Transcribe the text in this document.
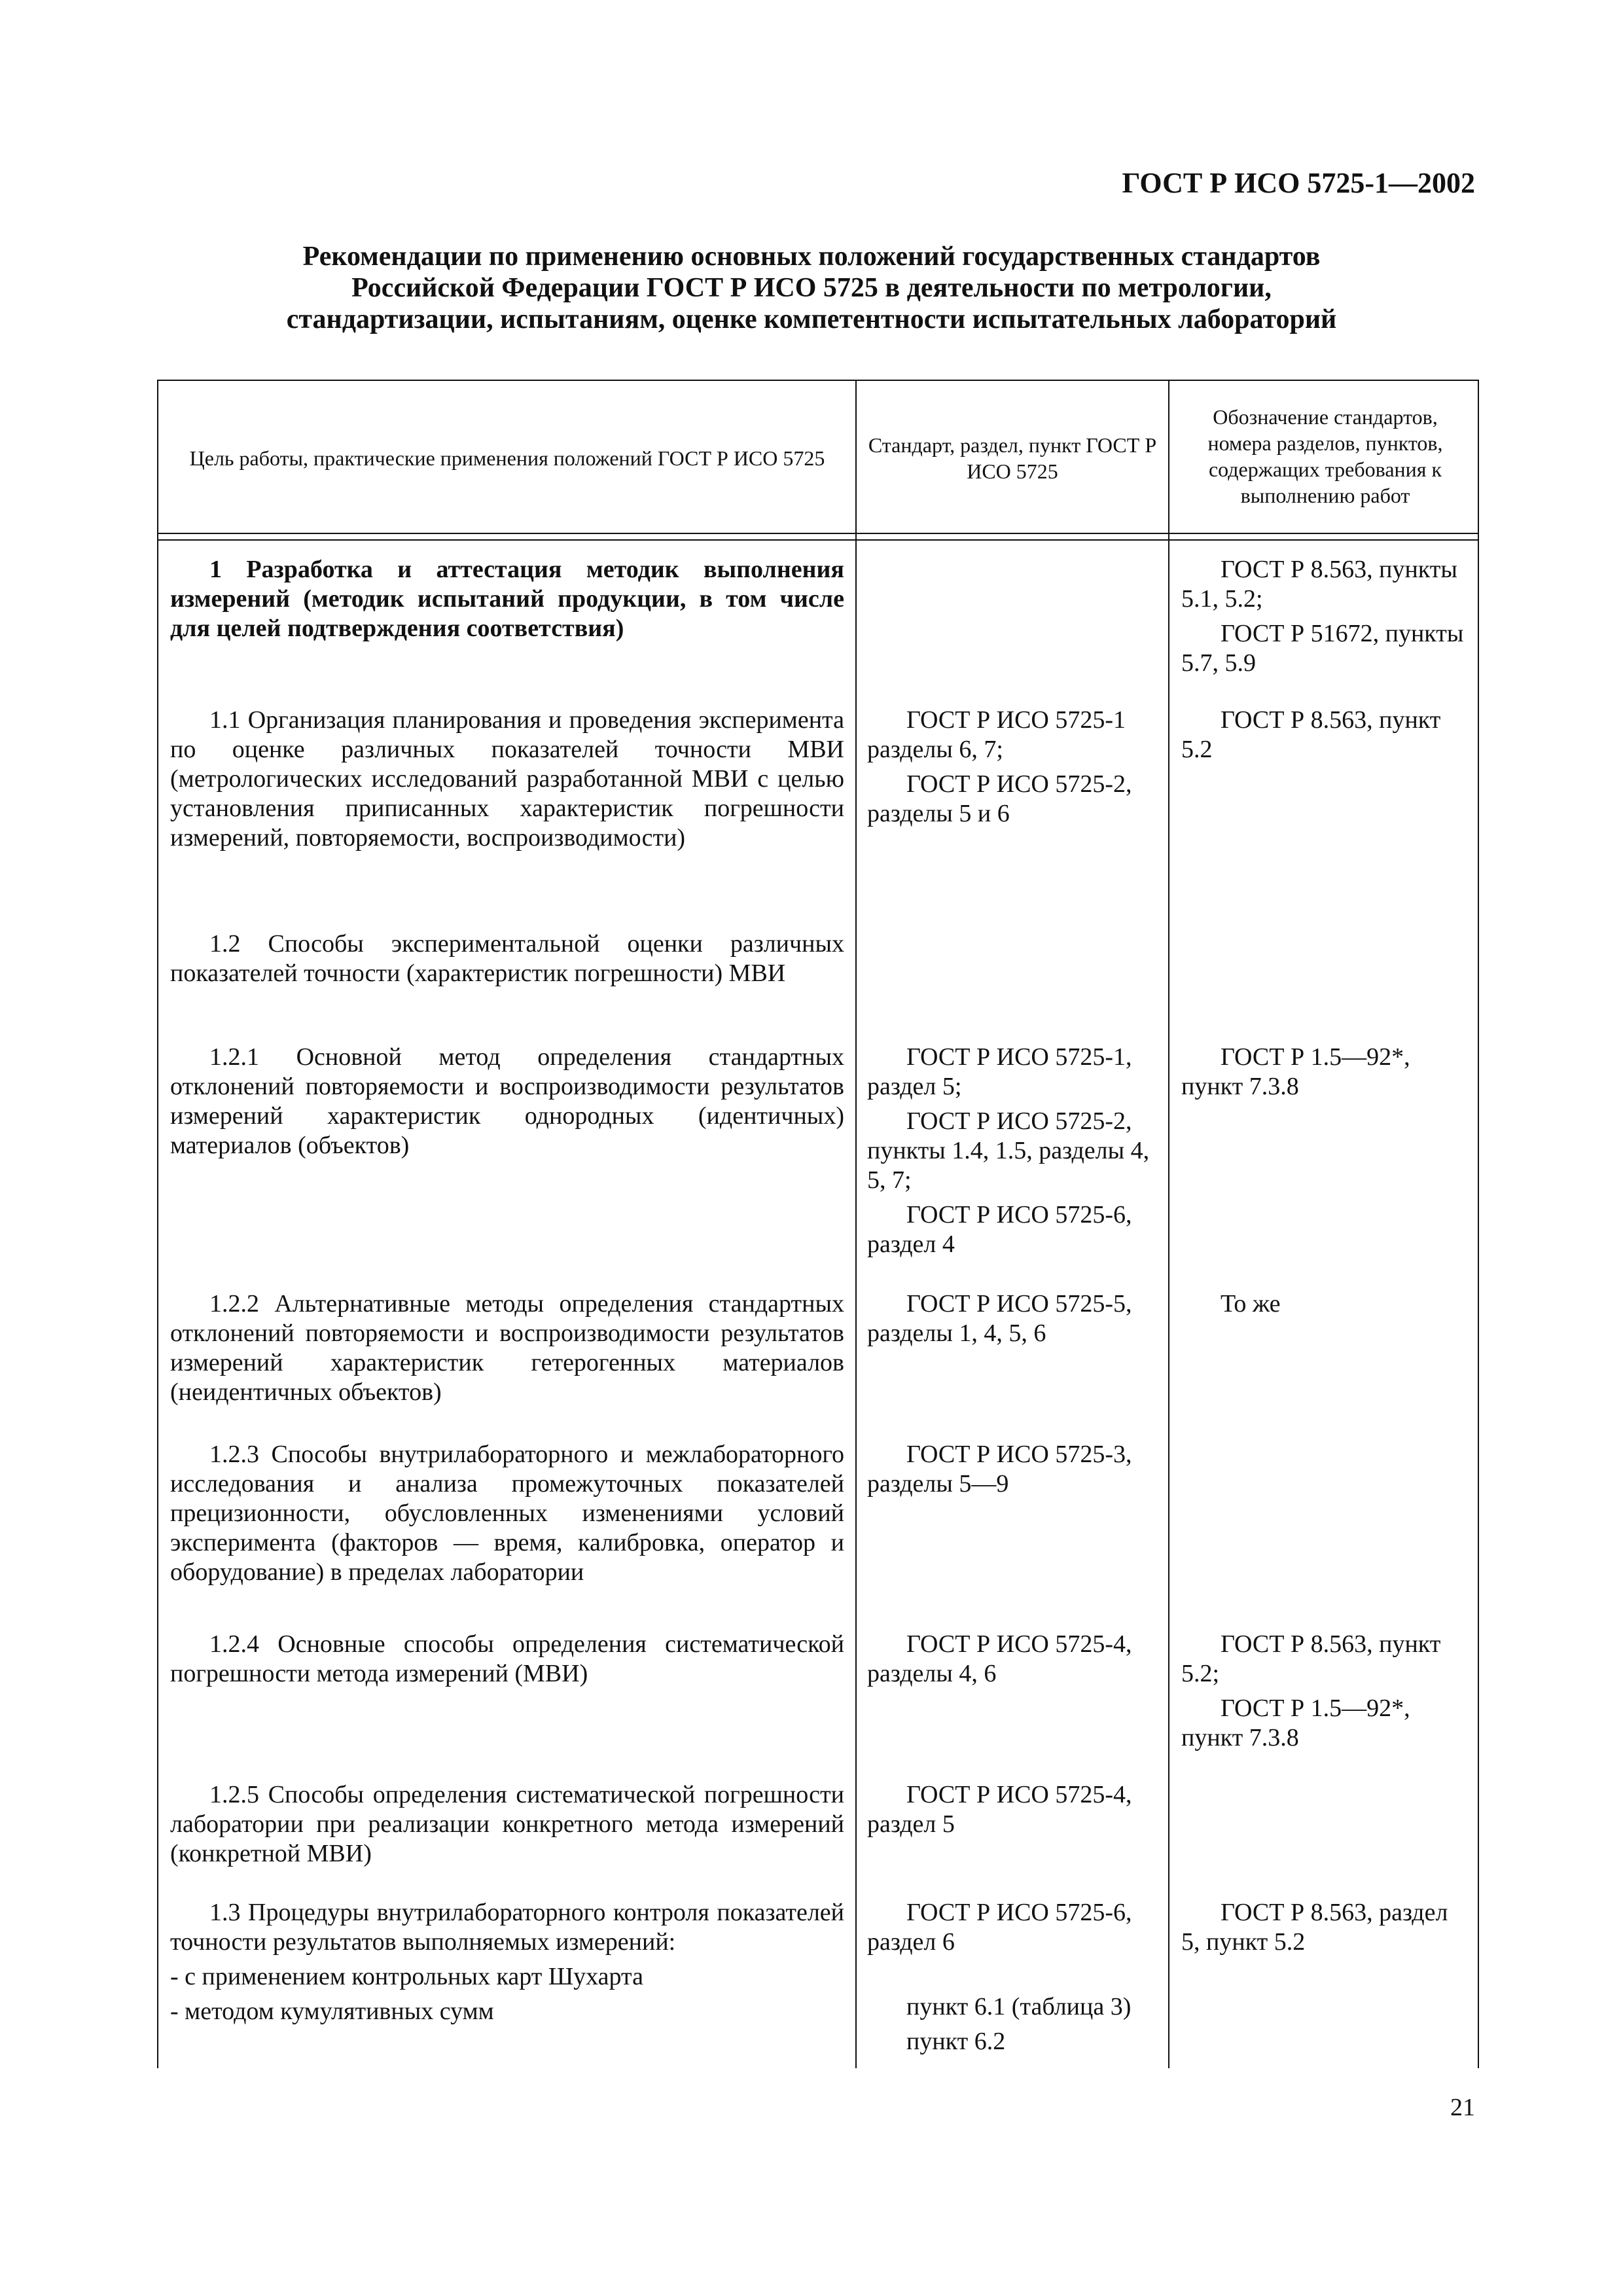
ГОСТ Р ИСО 5725-1—2002
Рекомендации по применению основных положений государственных стандартов
Российской Федерации ГОСТ Р ИСО 5725 в деятельности по метрологии,
стандартизации, испытаниям, оценке компетентности испытательных лабораторий
Цель работы, практические применения положений ГОСТ Р ИСО 5725
Стандарт, раздел, пункт ГОСТ Р ИСО 5725
Обозначение стандартов, номера разделов, пунктов, содержащих требования к выполнению работ

1 Разработка и аттестация методик выполнения измерений (методик испытаний продукции, в том числе для целей подтверждения соответствия)

ГОСТ Р 8.563, пункты 5.1, 5.2;

ГОСТ Р 51672, пункты 5.7, 5.9

1.1 Организация планирования и проведения эксперимента по оценке различных показателей точности МВИ (метрологических исследований разработанной МВИ с целью установления приписанных характеристик погрешности измерений, повторяемости, воспроизводимости)

ГОСТ Р ИСО 5725-1 разделы 6, 7;

ГОСТ Р ИСО 5725-2, разделы 5 и 6

ГОСТ Р 8.563, пункт 5.2

1.2 Способы экспериментальной оценки различных показателей точности (характеристик погрешности) МВИ

1.2.1 Основной метод определения стандартных отклонений повторяемости и воспроизводимости результатов измерений характеристик однородных (идентичных) материалов (объектов)

ГОСТ Р ИСО 5725-1, раздел 5;

ГОСТ Р ИСО 5725-2, пункты 1.4, 1.5, разделы 4, 5, 7;

ГОСТ Р ИСО 5725-6, раздел 4

ГОСТ Р 1.5—92*, пункт 7.3.8

1.2.2 Альтернативные методы определения стандартных отклонений повторяемости и воспроизводимости результатов измерений характеристик гетерогенных материалов (неидентичных объектов)

ГОСТ Р ИСО 5725-5, разделы 1, 4, 5, 6

То же

1.2.3 Способы внутрилабораторного и межлабораторного исследования и анализа промежуточных показателей прецизионности, обусловленных изменениями условий эксперимента (факторов — время, калибровка, оператор и оборудование) в пределах лаборатории

ГОСТ Р ИСО 5725-3, разделы 5—9

1.2.4 Основные способы определения систематической погрешности метода измерений (МВИ)

ГОСТ Р ИСО 5725-4, разделы 4, 6

ГОСТ Р 8.563, пункт 5.2;

ГОСТ Р 1.5—92*, пункт 7.3.8

1.2.5 Способы определения систематической погрешности лаборатории при реализации конкретного метода измерений (конкретной МВИ)

ГОСТ Р ИСО 5725-4, раздел 5

1.3 Процедуры внутрилабораторного контроля показателей точности результатов выполняемых измерений:

- с применением контрольных карт Шухарта
- методом кумулятивных сумм

ГОСТ Р ИСО 5725-6, раздел 6

пункт 6.1 (таблица 3)

пункт 6.2

ГОСТ Р 8.563, раздел 5, пункт 5.2

21
